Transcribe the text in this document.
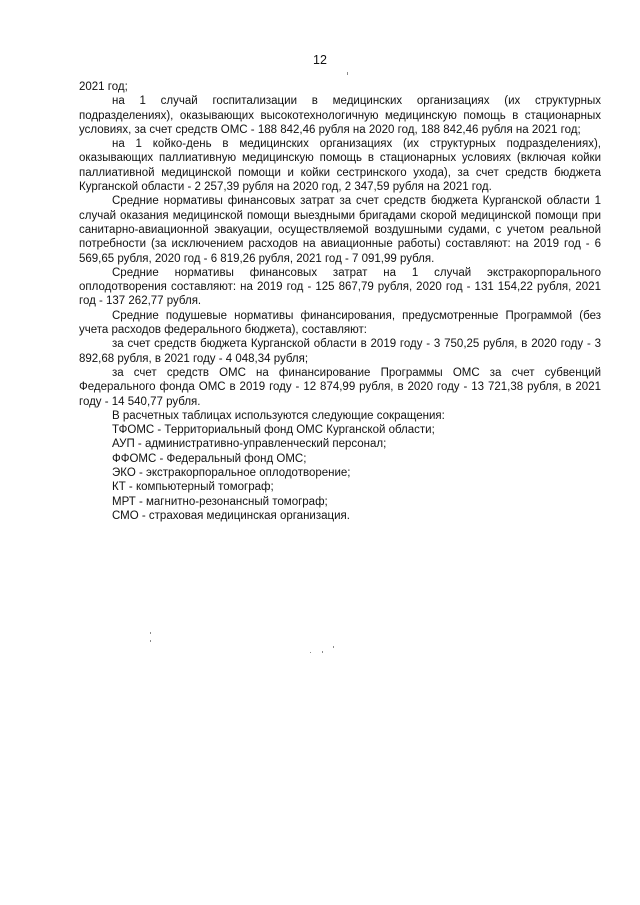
12

2021 год;

на 1 случай госпитализации в медицинских организациях (их структурных подразделениях), оказывающих высокотехнологичную медицинскую помощь в стационарных условиях, за счет средств ОМС - 188 842,46 рубля на 2020 год, 188 842,46 рубля на 2021 год;

на 1 койко-день в медицинских организациях (их структурных подразделениях), оказывающих паллиативную медицинскую помощь в стационарных условиях (включая койки паллиативной медицинской помощи и койки сестринского ухода), за счет средств бюджета Курганской области - 2 257,39 рубля на 2020 год, 2 347,59 рубля на 2021 год.

Средние нормативы финансовых затрат за счет средств бюджета Курганской области 1 случай оказания медицинской помощи выездными бригадами скорой медицинской помощи при санитарно-авиационной эвакуации, осуществляемой воздушными судами, с учетом реальной потребности (за исключением расходов на авиационные работы) составляют: на 2019 год - 6 569,65 рубля, 2020 год - 6 819,26 рубля, 2021 год - 7 091,99 рубля.

Средние нормативы финансовых затрат на 1 случай экстракорпорального оплодотворения составляют: на 2019 год - 125 867,79 рубля, 2020 год - 131 154,22 рубля, 2021 год - 137 262,77 рубля.

Средние подушевые нормативы финансирования, предусмотренные Программой (без учета расходов федерального бюджета), составляют:

за счет средств бюджета Курганской области в 2019 году - 3 750,25 рубля, в 2020 году - 3 892,68 рубля, в 2021 году - 4 048,34 рубля;

за счет средств ОМС на финансирование Программы ОМС за счет субвенций Федерального фонда ОМС в 2019 году - 12 874,99 рубля, в 2020 году - 13 721,38 рубля, в 2021 году - 14 540,77 рубля.

В расчетных таблицах используются следующие сокращения:

ТФОМС - Территориальный фонд ОМС Курганской области;

АУП - административно-управленческий персонал;

ФФОМС - Федеральный фонд ОМС;

ЭКО - экстракорпоральное оплодотворение;

КТ - компьютерный томограф;

МРТ - магнитно-резонансный томограф;

СМО - страховая медицинская организация.
